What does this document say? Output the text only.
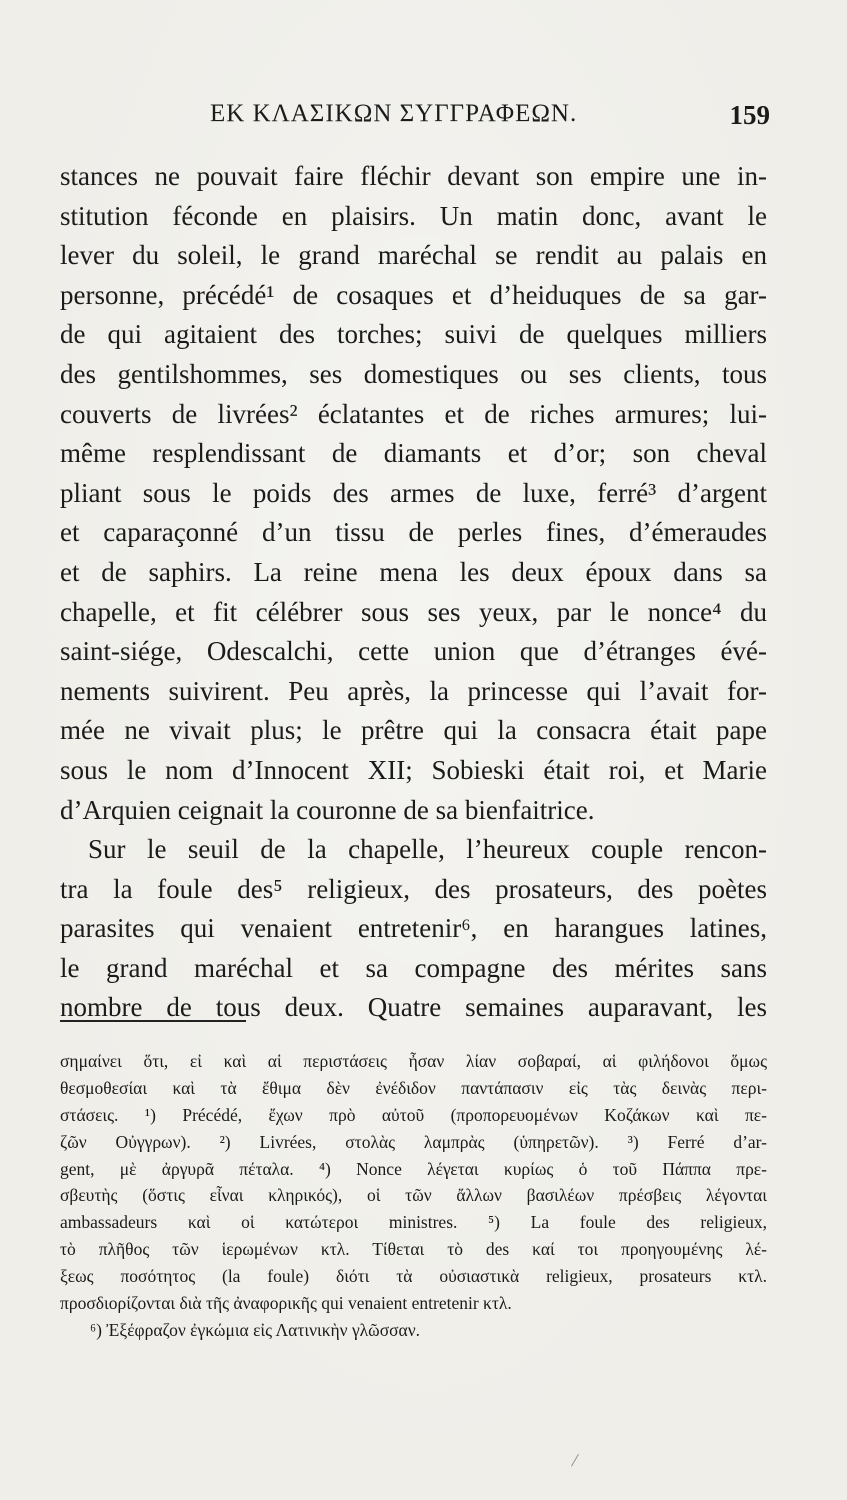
ΕΚ ΚΛΑΣΙΚΩΝ ΣΥΓΓΡΑΦΕΩΝ.	159
stances ne pouvait faire fléchir devant son empire une in-
stitution féconde en plaisirs. Un matin donc, avant le
lever du soleil, le grand maréchal se rendit au palais en
personne, précédé¹ de cosaques et d’heiduques de sa gar-
de qui agitaient des torches; suivi de quelques milliers
des gentilshommes, ses domestiques ou ses clients, tous
couverts de livrées² éclatantes et de riches armures; lui-
même resplendissant de diamants et d’or; son cheval
pliant sous le poids des armes de luxe, ferré³ d’argent
et caparaçonné d’un tissu de perles fines, d’émeraudes
et de saphirs. La reine mena les deux époux dans sa
chapelle, et fit célébrer sous ses yeux, par le nonce⁴ du
saint-siége, Odescalchi, cette union que d’étranges évé-
nements suivirent. Peu après, la princesse qui l’avait for-
mée ne vivait plus; le prêtre qui la consacra était pape
sous le nom d’Innocent XII; Sobieski était roi, et Marie
d’Arquien ceignait la couronne de sa bienfaitrice.
Sur le seuil de la chapelle, l’heureux couple rencon-
tra la foule des⁵ religieux, des prosateurs, des poètes
parasites qui venaient entretenir⁶, en harangues latines,
le grand maréchal et sa compagne des mérites sans
nombre de tous deux. Quatre semaines auparavant, les
σημαίνει ὅτι, εἰ καὶ αἱ περιστάσεις ἦσαν λίαν σοβαραί, αἱ φιλήδονοι ὅμως
θεσμοθεσίαι καὶ τὰ ἔθιμα δὲν ἐνέδιδον παντάπασιν εἰς τὰς δεινὰς περι-
στάσεις. ¹) Précédé, ἔχων πρὸ αὐτοῦ (προπορευομένων Κοζάκων καὶ πε-
ζῶν Οὐγγρων). ²) Livrées, στολὰς λαμπρὰς (ὑπηρετῶν). ³) Ferré d’ar-
gent, μὲ ἀργυρᾶ πέταλα. ⁴) Nonce λέγεται κυρίως ὁ τοῦ Πάππα πρε-
σβευτὴς (ὅστις εἶναι κληρικός), οἱ τῶν ἄλλων βασιλέων πρέσβεις λέγονται
ambassadeurs καὶ οἱ κατώτεροι ministres. ⁵) La foule des religieux,
τὸ πλῆθος τῶν ἱερωμένων κτλ. Τίθεται τὸ des καί τοι προηγουμένης λέ-
ξεως ποσότητος (la foule) διότι τὰ οὐσιαστικὰ religieux, prosateurs κτλ.
προσδιορίζονται διὰ τῆς ἀναφορικῆς qui venaient entretenir κτλ.
⁶) Ἐξέφραζον ἐγκώμια εἰς Λατινικὴν γλῶσσαν.
